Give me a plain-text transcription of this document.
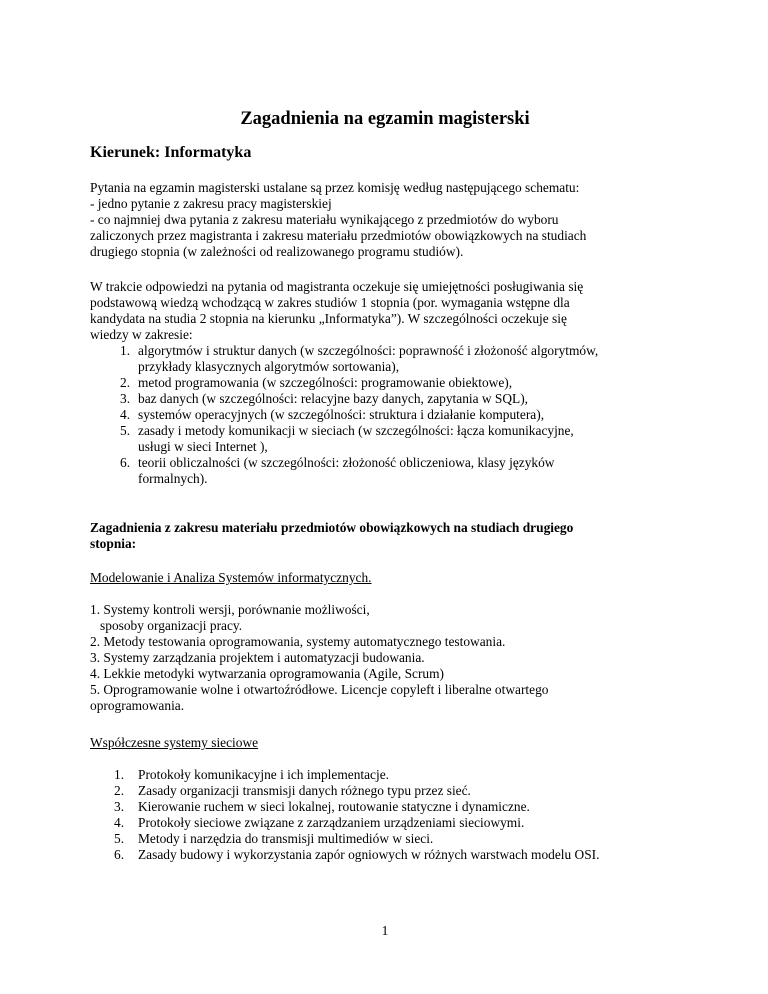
Zagadnienia na egzamin magisterski
Kierunek: Informatyka

Pytania na egzamin magisterski ustalane są przez komisję według następującego schematu:

- jedno pytanie z zakresu pracy magisterskiej

- co najmniej dwa pytania z zakresu materiału wynikającego z przedmiotów do wyboru

zaliczonych przez magistranta i zakresu materiału przedmiotów obowiązkowych na studiach

drugiego stopnia (w zależności od realizowanego programu studiów).

W trakcie odpowiedzi na pytania od magistranta oczekuje się umiejętności posługiwania się

podstawową wiedzą wchodzącą w zakres studiów 1 stopnia (por. wymagania wstępne dla

kandydata na studia 2 stopnia na kierunku „Informatyka”). W szczególności oczekuje się

wiedzy w zakresie:

1. algorytmów i struktur danych (w szczególności: poprawność i złożoność algorytmów,
przykłady klasycznych algorytmów sortowania),
2. metod programowania (w szczególności: programowanie obiektowe),
3. baz danych (w szczególności: relacyjne bazy danych, zapytania w SQL),
4. systemów operacyjnych (w szczególności: struktura i działanie komputera),
5. zasady i metody komunikacji w sieciach (w szczególności: łącza komunikacyjne,
usługi w sieci Internet ),
6. teorii obliczalności (w szczególności: złożoność obliczeniowa, klasy języków
formalnych).

Zagadnienia z zakresu materiału przedmiotów obowiązkowych na studiach drugiego

stopnia:

Modelowanie i Analiza Systemów informatycznych.

1. Systemy kontroli wersji, porównanie możliwości,

sposoby organizacji pracy.

2. Metody testowania oprogramowania, systemy automatycznego testowania.

3. Systemy zarządzania projektem i automatyzacji budowania.

4. Lekkie metodyki wytwarzania oprogramowania (Agile, Scrum)

5. Oprogramowanie wolne i otwartoźródłowe. Licencje copyleft i liberalne otwartego

oprogramowania.

Współczesne systemy sieciowe

1. Protokoły komunikacyjne i ich implementacje.
2. Zasady organizacji transmisji danych różnego typu przez sieć.
3. Kierowanie ruchem w sieci lokalnej, routowanie statyczne i dynamiczne.
4. Protokoły sieciowe związane z zarządzaniem urządzeniami sieciowymi.
5. Metody i narzędzia do transmisji multimediów w sieci.
6. Zasady budowy i wykorzystania zapór ogniowych w różnych warstwach modelu OSI.
1
